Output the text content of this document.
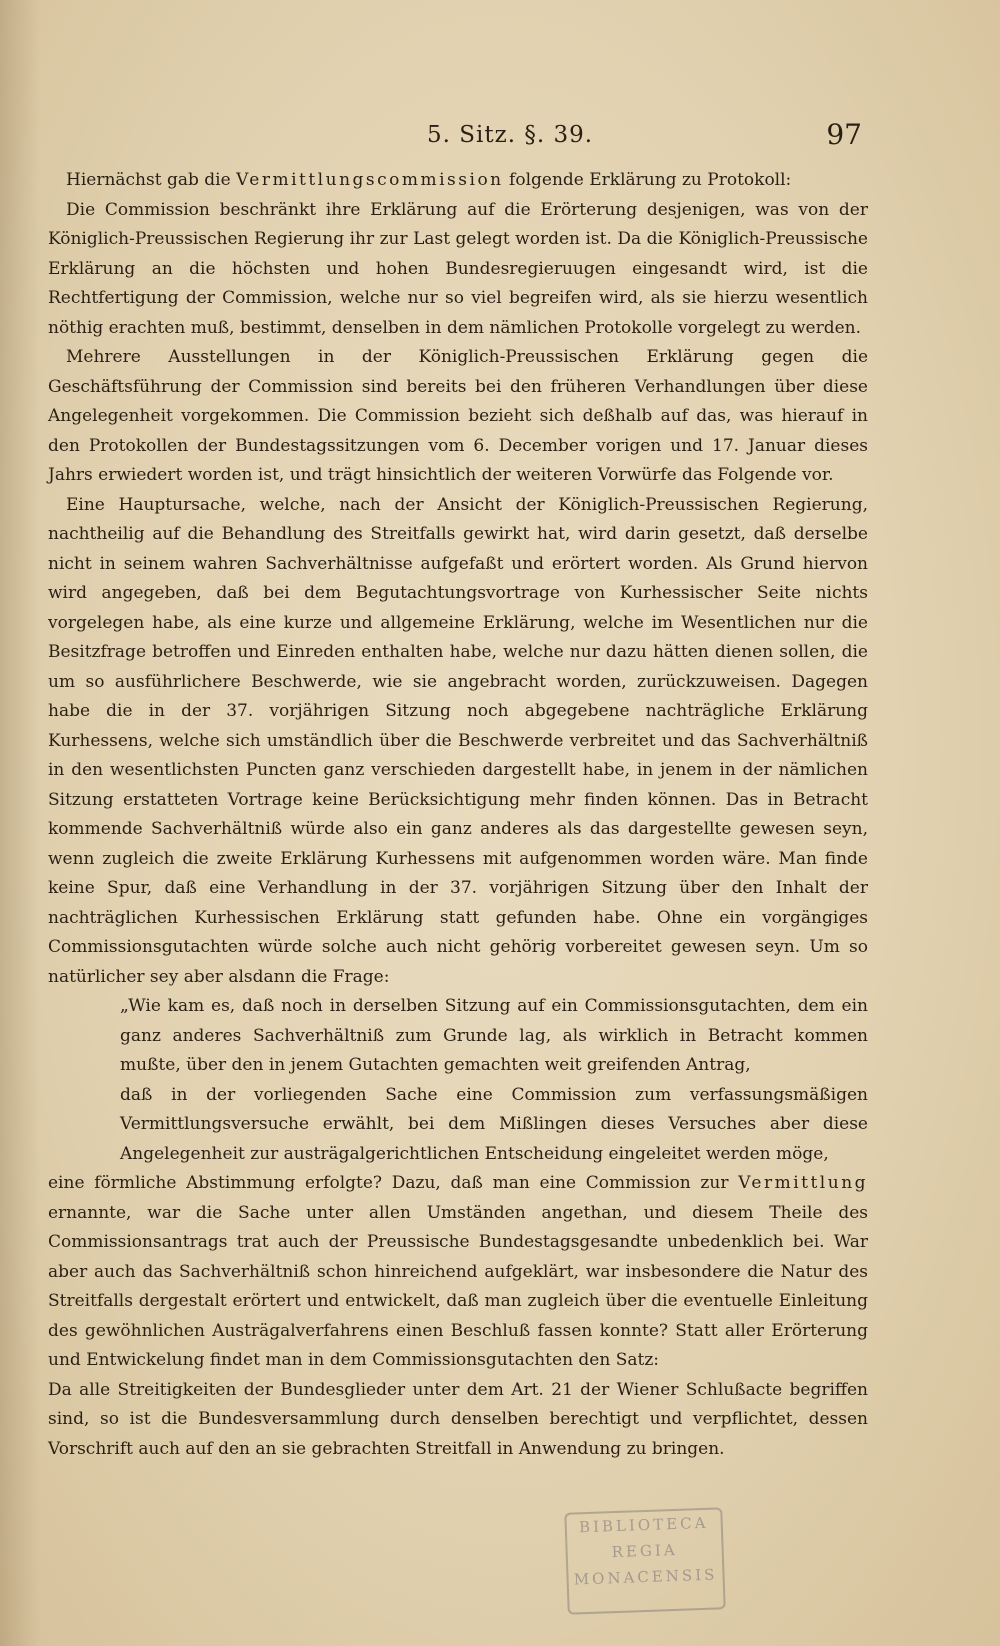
5. Sitz. §. 39.	97

Hiernächst gab die Vermittlungscommission folgende Erklärung zu Protokoll:

Die Commission beschränkt ihre Erklärung auf die Erörterung desjenigen, was von der Königlich-Preussischen Regierung ihr zur Last gelegt worden ist. Da die Königlich-Preussische Erklärung an die höchsten und hohen Bundesregieruugen eingesandt wird, ist die Rechtfertigung der Commission, welche nur so viel begreifen wird, als sie hierzu wesentlich nöthig erachten muß, bestimmt, denselben in dem nämlichen Protokolle vorgelegt zu werden.

Mehrere Ausstellungen in der Königlich-Preussischen Erklärung gegen die Geschäftsführung der Commission sind bereits bei den früheren Verhandlungen über diese Angelegenheit vorgekommen. Die Commission bezieht sich deßhalb auf das, was hierauf in den Protokollen der Bundestagssitzungen vom 6. December vorigen und 17. Januar dieses Jahrs erwiedert worden ist, und trägt hinsichtlich der weiteren Vorwürfe das Folgende vor.

Eine Hauptursache, welche, nach der Ansicht der Königlich-Preussischen Regierung, nachtheilig auf die Behandlung des Streitfalls gewirkt hat, wird darin gesetzt, daß derselbe nicht in seinem wahren Sachverhältnisse aufgefaßt und erörtert worden. Als Grund hiervon wird angegeben, daß bei dem Begutachtungsvortrage von Kurhessischer Seite nichts vorgelegen habe, als eine kurze und allgemeine Erklärung, welche im Wesentlichen nur die Besitzfrage betroffen und Einreden enthalten habe, welche nur dazu hätten dienen sollen, die um so ausführlichere Beschwerde, wie sie angebracht worden, zurückzuweisen. Dagegen habe die in der 37. vorjährigen Sitzung noch abgegebene nachträgliche Erklärung Kurhessens, welche sich umständlich über die Beschwerde verbreitet und das Sachverhältniß in den wesentlichsten Puncten ganz verschieden dargestellt habe, in jenem in der nämlichen Sitzung erstatteten Vortrage keine Berücksichtigung mehr finden können. Das in Betracht kommende Sachverhältniß würde also ein ganz anderes als das dargestellte gewesen seyn, wenn zugleich die zweite Erklärung Kurhessens mit aufgenommen worden wäre. Man finde keine Spur, daß eine Verhandlung in der 37. vorjährigen Sitzung über den Inhalt der nachträglichen Kurhessischen Erklärung statt gefunden habe. Ohne ein vorgängiges Commissionsgutachten würde solche auch nicht gehörig vorbereitet gewesen seyn. Um so natürlicher sey aber alsdann die Frage:

„Wie kam es, daß noch in derselben Sitzung auf ein Commissionsgutachten, dem ein ganz anderes Sachverhältniß zum Grunde lag, als wirklich in Betracht kommen mußte, über den in jenem Gutachten gemachten weit greifenden Antrag,

daß in der vorliegenden Sache eine Commission zum verfassungsmäßigen Vermittlungsversuche erwählt, bei dem Mißlingen dieses Versuches aber diese Angelegenheit zur austrägalgerichtlichen Entscheidung eingeleitet werden möge,

eine förmliche Abstimmung erfolgte? Dazu, daß man eine Commission zur Vermittlung ernannte, war die Sache unter allen Umständen angethan, und diesem Theile des Commissionsantrags trat auch der Preussische Bundestagsgesandte unbedenklich bei. War aber auch das Sachverhältniß schon hinreichend aufgeklärt, war insbesondere die Natur des Streitfalls dergestalt erörtert und entwickelt, daß man zugleich über die eventuelle Einleitung des gewöhnlichen Austrägalverfahrens einen Beschluß fassen konnte? Statt aller Erörterung und Entwickelung findet man in dem Commissionsgutachten den Satz:

Da alle Streitigkeiten der Bundesglieder unter dem Art. 21 der Wiener Schlußacte begriffen sind, so ist die Bundesversammlung durch denselben berechtigt und verpflichtet, dessen Vorschrift auch auf den an sie gebrachten Streitfall in Anwendung zu bringen.

BIBLIOTECA
REGIA
MONACENSIS
